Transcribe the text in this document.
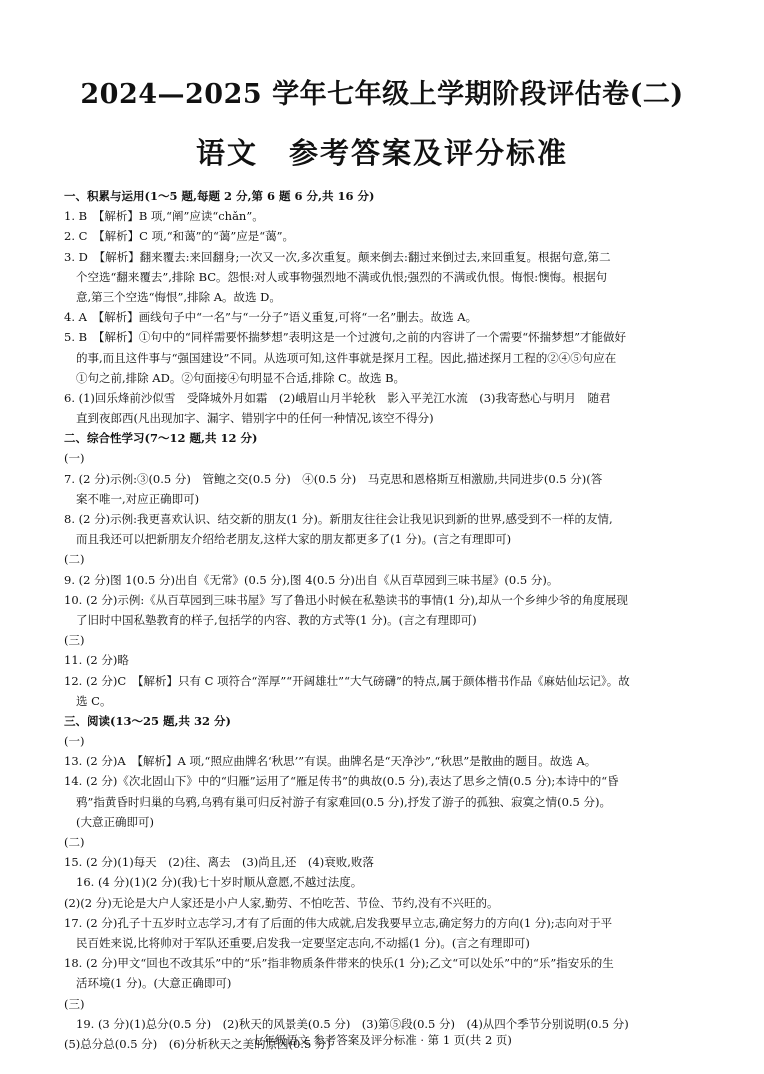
2024—2025 学年七年级上学期阶段评估卷(二)
语文　参考答案及评分标准
一、积累与运用(1～5 题,每题 2 分,第 6 题 6 分,共 16 分)
1. B　【解析】B 项,“阐”应读“chǎn”。
2. C　【解析】C 项,“和蔼”的“蔼”应是“蔼”。
3. D　【解析】翻来覆去:来回翻身;一次又一次,多次重复。颠来倒去:翻过来倒过去,来回重复。根据句意,第二
个空选“翻来覆去”,排除 BC。怨恨:对人或事物强烈地不满或仇恨;强烈的不满或仇恨。悔恨:懊悔。根据句
意,第三个空选“悔恨”,排除 A。故选 D。
4. A　【解析】画线句子中“一名”与“一分子”语义重复,可将“一名”删去。故选 A。
5. B　【解析】①句中的“同样需要怀揣梦想”表明这是一个过渡句,之前的内容讲了一个需要“怀揣梦想”才能做好
的事,而且这件事与“强国建设”不同。从选项可知,这件事就是探月工程。因此,描述探月工程的②④⑤句应在
①句之前,排除 AD。②句面接④句明显不合适,排除 C。故选 B。
6. (1)回乐烽前沙似雪　受降城外月如霜　(2)峨眉山月半轮秋　影入平羌江水流　(3)我寄愁心与明月　随君
直到夜郎西(凡出现加字、漏字、错别字中的任何一种情况,该空不得分)
二、综合性学习(7～12 题,共 12 分)
(一)
7. (2 分)示例:③(0.5 分)　管鲍之交(0.5 分)　④(0.5 分)　马克思和恩格斯互相激励,共同进步(0.5 分)(答
案不唯一,对应正确即可)
8. (2 分)示例:我更喜欢认识、结交新的朋友(1 分)。新朋友往往会让我见识到新的世界,感受到不一样的友情,
而且我还可以把新朋友介绍给老朋友,这样大家的朋友都更多了(1 分)。(言之有理即可)
(二)
9. (2 分)图 1(0.5 分)出自《无常》(0.5 分),图 4(0.5 分)出自《从百草园到三味书屋》(0.5 分)。
10. (2 分)示例:《从百草园到三味书屋》写了鲁迅小时候在私塾读书的事情(1 分),却从一个乡绅少爷的角度展现
了旧时中国私塾教育的样子,包括学的内容、教的方式等(1 分)。(言之有理即可)
(三)
11. (2 分)略
12. (2 分)C　【解析】只有 C 项符合“浑厚”“开阔雄壮”“大气磅礴”的特点,属于颜体楷书作品《麻姑仙坛记》。故
选 C。
三、阅读(13～25 题,共 32 分)
(一)
13. (2 分)A　【解析】A 项,“照应曲牌名‘秋思’”有误。曲牌名是“天净沙”,“秋思”是散曲的题目。故选 A。
14. (2 分)《次北固山下》中的“归雁”运用了“雁足传书”的典故(0.5 分),表达了思乡之情(0.5 分);本诗中的“昏
鸦”指黄昏时归巢的乌鸦,乌鸦有巢可归反衬游子有家难回(0.5 分),抒发了游子的孤独、寂寞之情(0.5 分)。
(大意正确即可)
(二)
15. (2 分)(1)每天　(2)往、离去　(3)尚且,还　(4)衰败,败落
16. (4 分)(1)(2 分)(我)七十岁时顺从意愿,不越过法度。
(2)(2 分)无论是大户人家还是小户人家,勤劳、不怕吃苦、节俭、节约,没有不兴旺的。
17. (2 分)孔子十五岁时立志学习,才有了后面的伟大成就,启发我要早立志,确定努力的方向(1 分);志向对于平
民百姓来说,比将帅对于军队还重要,启发我一定要坚定志向,不动摇(1 分)。(言之有理即可)
18. (2 分)甲文“回也不改其乐”中的“乐”指非物质条件带来的快乐(1 分);乙文“可以处乐”中的“乐”指安乐的生
活环境(1 分)。(大意正确即可)
(三)
19. (3 分)(1)总分(0.5 分)　(2)秋天的风景美(0.5 分)　(3)第⑤段(0.5 分)　(4)从四个季节分别说明(0.5 分)
(5)总分总(0.5 分)　(6)分析秋天之美的原因(0.5 分)
七年级语文 参考答案及评分标准 · 第 1 页(共 2 页)
